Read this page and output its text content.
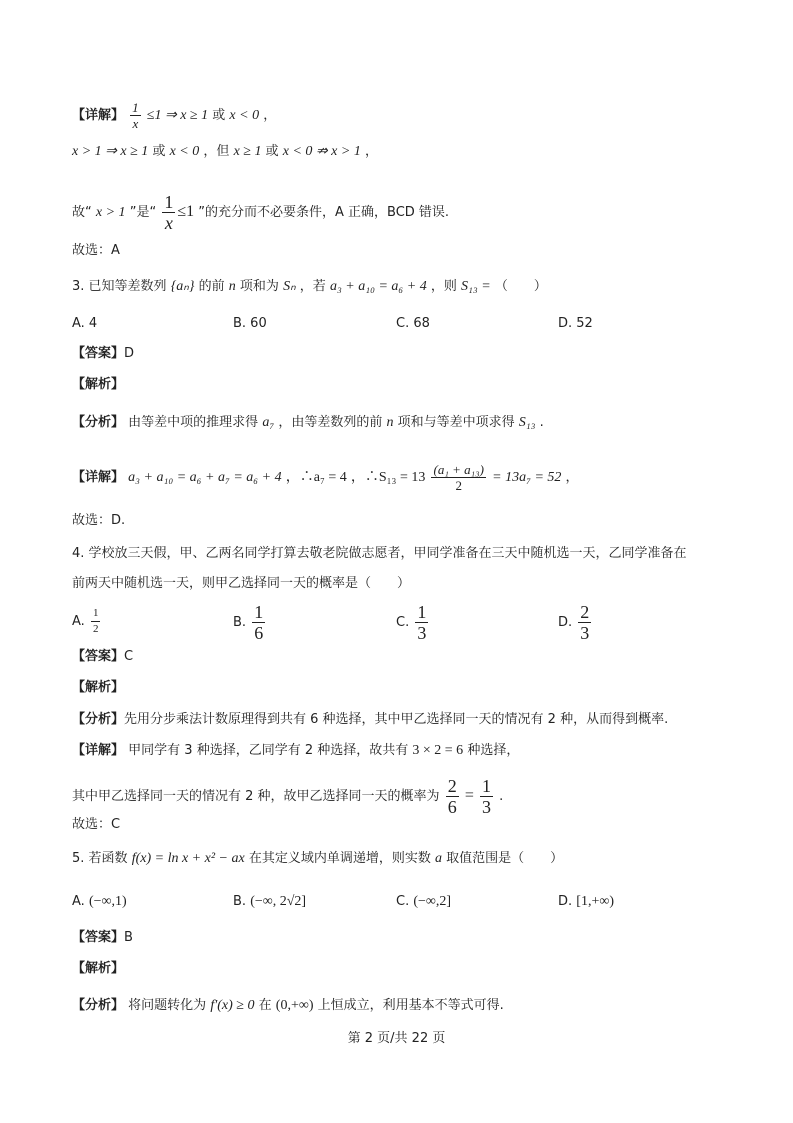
【详解】 $\frac{1}{x} \le 1$ ⇒ x ≥ 1 或 x < 0 ，
x > 1 ⇒ x ≥ 1 或 x < 0 ，但 x ≥ 1 或 x < 0 ⇏ x > 1 ，
故“ x > 1 ”是“ $\frac{1}{x} \le 1$ ”的充分而不必要条件，A 正确，BCD 错误.
故选：A
3. 已知等差数列 {aₙ} 的前 n 项和为 Sₙ ，若 a₃ + a₁₀ = a₆ + 4 ，则 S₁₃ = （　　）
A. 4	B. 60	C. 68	D. 52
【答案】D
【解析】
【分析】 由等差中项的推理求得 a₇ ，由等差数列的前 n 项和与等差中项求得 S₁₃ .
【详解】 a₃ + a₁₀ = a₆ + a₇ = a₆ + 4 ，∴a₇ = 4 ，∴S₁₃ = $13 \frac{\text{(a₁ + a₁₃)}}{2} = 13a_7 = 52$ ，
故选：D.
4. 学校放三天假，甲、乙两名同学打算去敬老院做志愿者，甲同学准备在三天中随机选一天，乙同学准备在
前两天中随机选一天，则甲乙选择同一天的概率是（　　）
A. $\frac{1}{2}$	B. $\frac{1}{6}$	C. $\frac{1}{3}$	D. $\frac{2}{3}$
【答案】C
【解析】
【分析】先用分步乘法计数原理得到共有 6 种选择，其中甲乙选择同一天的情况有 2 种，从而得到概率.
【详解】 甲同学有 3 种选择，乙同学有 2 种选择，故共有 3 × 2 = 6 种选择，
其中甲乙选择同一天的情况有 2 种，故甲乙选择同一天的概率为 $\frac{2}{6} = \frac{1}{3}$ .
故选：C
5. 若函数 f(x) = ln x + x² − ax 在其定义域内单调递增，则实数 a 取值范围是（　　）
A. (−∞,1)	B. (−∞, 2√2]	C. (−∞,2]	D. [1,+∞)
【答案】B
【解析】
【分析】 将问题转化为 f′(x) ≥ 0 在 (0,+∞) 上恒成立，利用基本不等式可得.
第 2 页/共 22 页
